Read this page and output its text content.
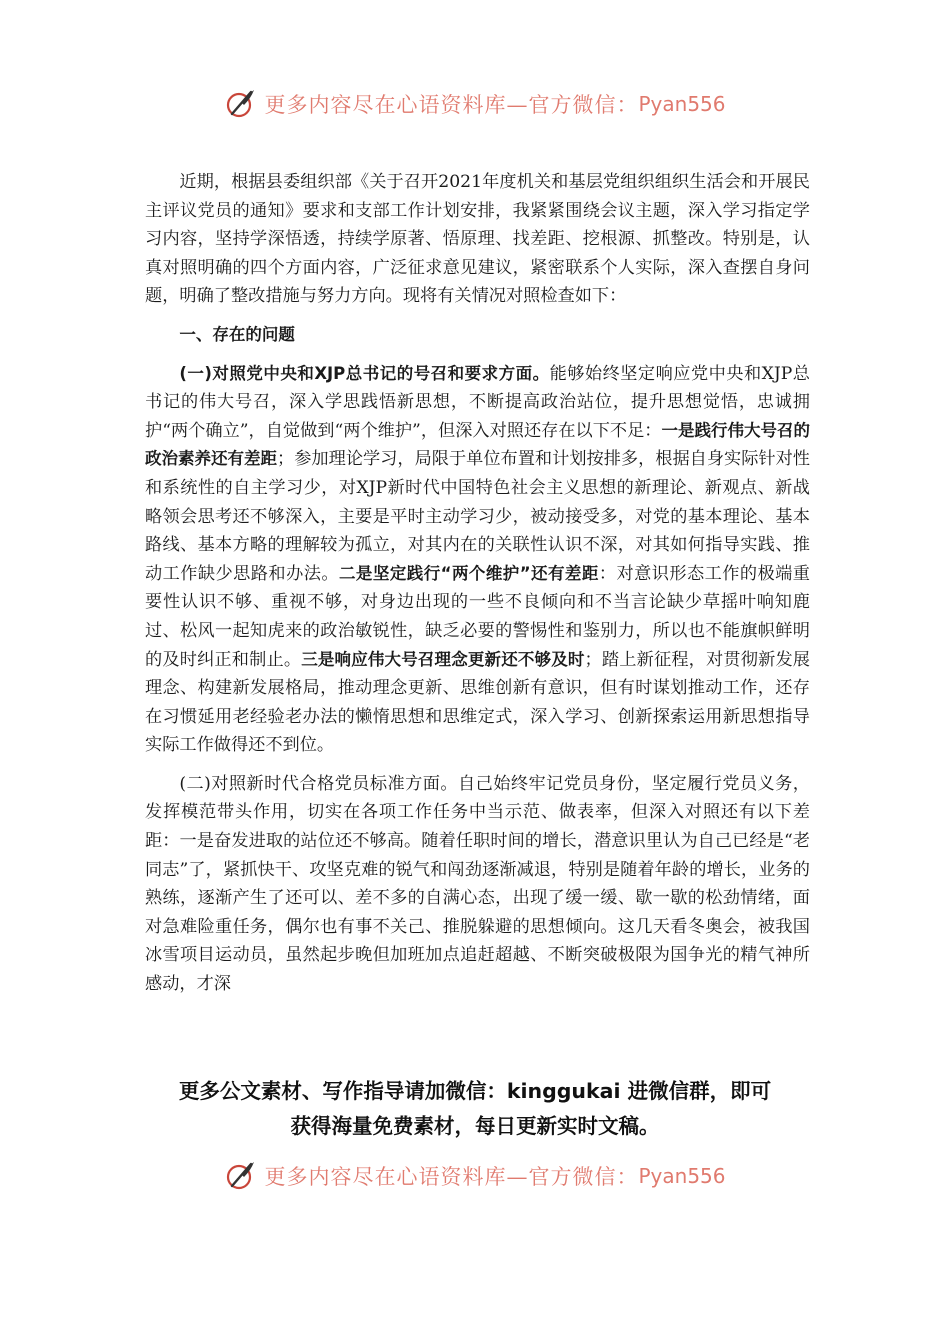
更多内容尽在心语资料库—官方微信： Pyan556

近期，根据县委组织部《关于召开2021年度机关和基层党组织组织生活会和开展民主评议党员的通知》要求和支部工作计划安排，我紧紧围绕会议主题，深入学习指定学习内容，坚持学深悟透，持续学原著、悟原理、找差距、挖根源、抓整改。特别是，认真对照明确的四个方面内容，广泛征求意见建议，紧密联系个人实际，深入查摆自身问题，明确了整改措施与努力方向。现将有关情况对照检查如下：

一、存在的问题

(一)对照党中央和XJP总书记的号召和要求方面。能够始终坚定响应党中央和XJP总书记的伟大号召，深入学思践悟新思想，不断提高政治站位，提升思想觉悟，忠诚拥护“两个确立”，自觉做到“两个维护”，但深入对照还存在以下不足：一是践行伟大号召的政治素养还有差距；参加理论学习，局限于单位布置和计划按排多，根据自身实际针对性和系统性的自主学习少，对XJP新时代中国特色社会主义思想的新理论、新观点、新战略领会思考还不够深入，主要是平时主动学习少，被动接受多，对党的基本理论、基本路线、基本方略的理解较为孤立，对其内在的关联性认识不深，对其如何指导实践、推动工作缺少思路和办法。二是坚定践行“两个维护”还有差距：对意识形态工作的极端重要性认识不够、重视不够，对身边出现的一些不良倾向和不当言论缺少草摇叶响知鹿过、松风一起知虎来的政治敏锐性，缺乏必要的警惕性和鉴别力，所以也不能旗帜鲜明的及时纠正和制止。三是响应伟大号召理念更新还不够及时；踏上新征程，对贯彻新发展理念、构建新发展格局，推动理念更新、思维创新有意识，但有时谋划推动工作，还存在习惯延用老经验老办法的懒惰思想和思维定式，深入学习、创新探索运用新思想指导实际工作做得还不到位。

(二)对照新时代合格党员标准方面。自己始终牢记党员身份，坚定履行党员义务，发挥模范带头作用，切实在各项工作任务中当示范、做表率，但深入对照还有以下差距：一是奋发进取的站位还不够高。随着任职时间的增长，潜意识里认为自己已经是“老同志”了，紧抓快干、攻坚克难的锐气和闯劲逐渐减退，特别是随着年龄的增长，业务的熟练，逐渐产生了还可以、差不多的自满心态，出现了缓一缓、歇一歇的松劲情绪，面对急难险重任务，偶尔也有事不关己、推脱躲避的思想倾向。这几天看冬奥会，被我国冰雪项目运动员，虽然起步晚但加班加点追赶超越、不断突破极限为国争光的精气神所感动，才深

更多公文素材、写作指导请加微信：kinggukai 进微信群，即可
获得海量免费素材，每日更新实时文稿。
更多内容尽在心语资料库—官方微信： Pyan556
